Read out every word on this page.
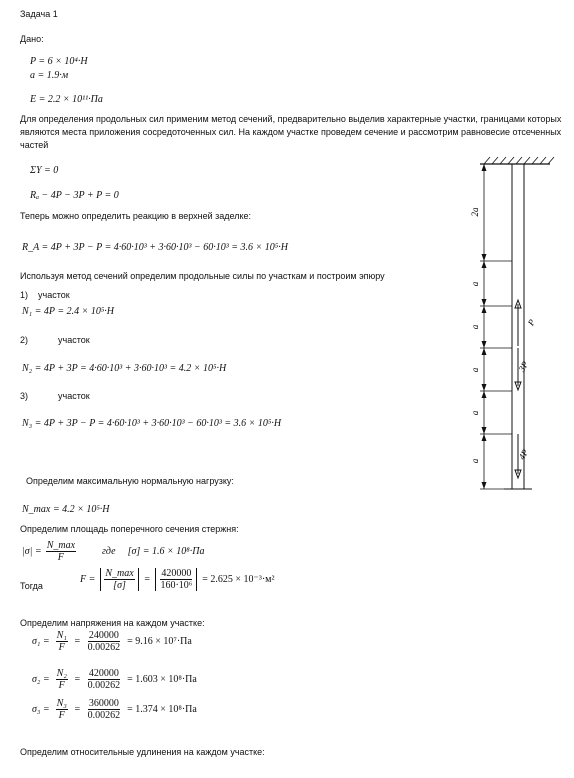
Задача 1
Дано:
P = 6 × 10⁴·H
a = 1.9·м
E = 2.2 × 10¹¹·Па
Для определения продольных сил применим метод сечений, предварительно выделив характерные участки, границами которых являются места приложения сосредоточенных сил. На каждом участке проведем сечение и рассмотрим равновесие отсеченных частей
ΣY = 0
Rₐ − 4P − 3P + P = 0
Теперь можно определить реакцию в верхней заделке:
R_A = 4P + 3P − P = 4·60·10³ + 3·60·10³ − 60·10³ = 3.6 × 10⁵·H
Используя метод сечений определим продольные силы по участкам и построим эпюру
1) участок
N₁ = 4P = 2.4 × 10⁵·H
2)	участок
N₂ = 4P + 3P = 4·60·10³ + 3·60·10³ = 4.2 × 10⁵·H
3)	участок
N₃ = 4P + 3P − P = 4·60·10³ + 3·60·10³ − 60·10³ = 3.6 × 10⁵·H
Определим максимальную нормальную нагрузку:
N_max = 4.2 × 10⁵·H
Определим площадь поперечного сечения стержня:
$|\sigma| = \frac{N\_\max}{F}$	где [σ] = 1.6 × 10⁸·Па
Тогда
$F = \frac{N\_\max}{[\sigma]} = \frac{420000}{\text{160·10⁶}} = 2.625 \times 10^{-3}\cdot м^2$
Определим напряжения на каждом участке:
$\sigma_1 = \frac{\text{N₁}}{F} = \frac{240000}{0.00262} = 9.16 \times 10^7\cdot Па$
$\sigma_2 = \frac{\text{N₂}}{F} = \frac{420000}{0.00262} = 1.603 \times 10^8\cdot Па$
$\sigma_3 = \frac{\text{N₃}}{F} = \frac{360000}{0.00262} = 1.374 \times 10^8\cdot Па$
Определим относительные удлинения на каждом участке:
2a
a
a
a
a
a
P
3P
4P
